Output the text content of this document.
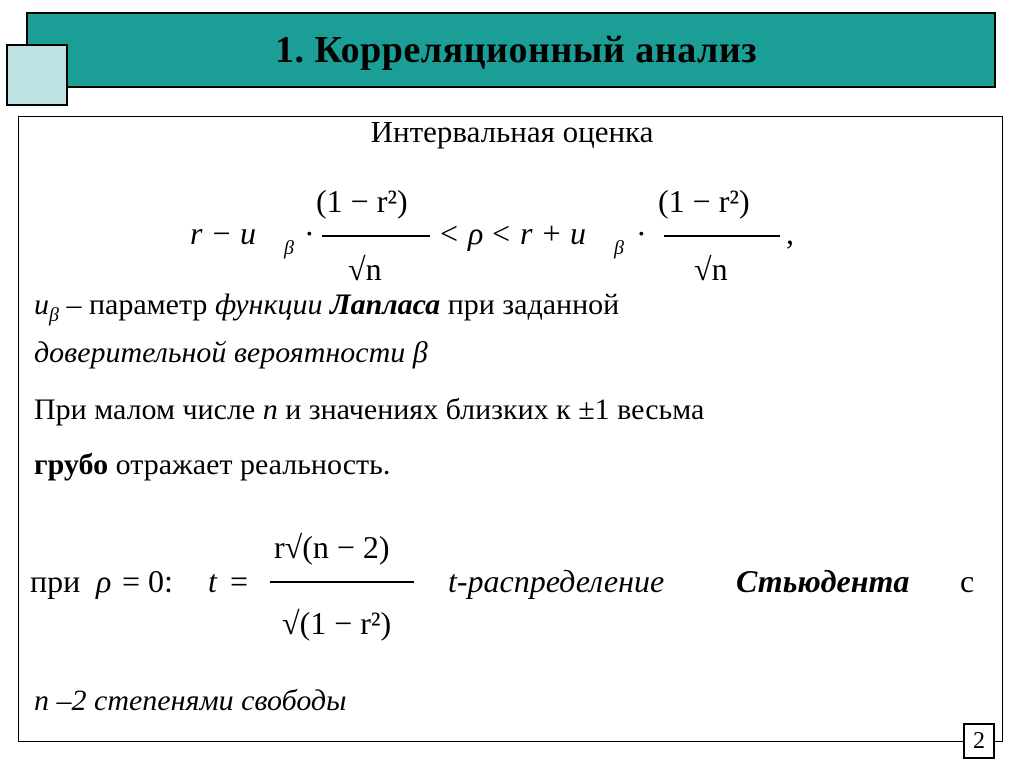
1. Корреляционный анализ
Интервальная оценка
r − u β ·
(1 − r²)
√n
< ρ < r + u β ·
(1 − r²)
√n
,
$u_\beta$ – параметр функции Лапласа при заданной
доверительной вероятности β
При малом числе n и значениях близких к ±1 весьма
грубо отражает реальность.
при ρ = 0: t =
r√(n − 2)
√(1 − r²)
t-распределение Стьюдента с
n –2 степенями свободы
2
